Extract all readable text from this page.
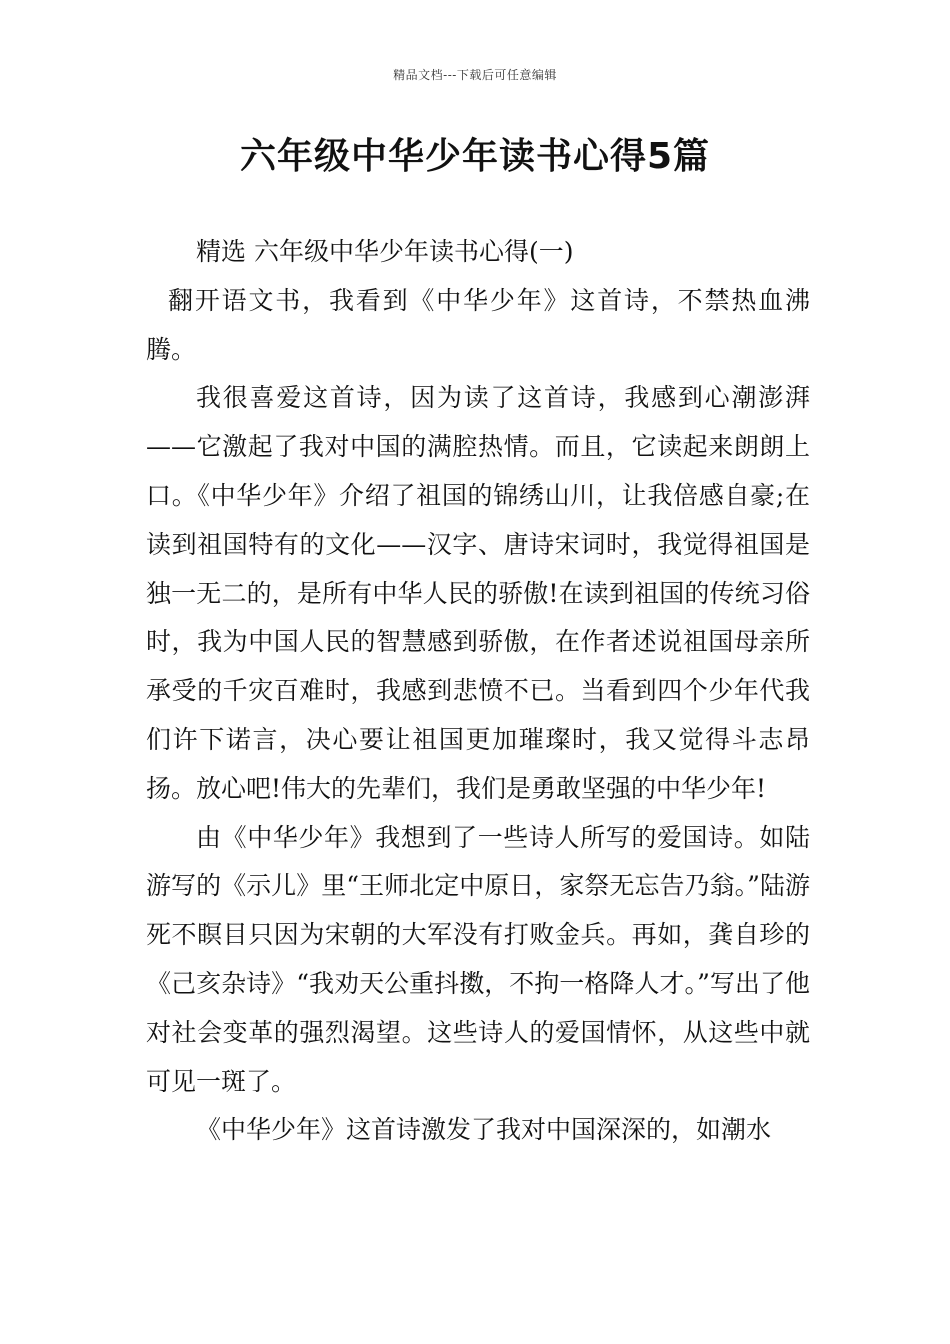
精品文档---下载后可任意编辑
六年级中华少年读书心得5篇

精选 六年级中华少年读书心得(一)

翻开语文书，我看到《中华少年》这首诗，不禁热血沸腾。

我很喜爱这首诗，因为读了这首诗，我感到心潮澎湃——它激起了我对中国的满腔热情。而且，它读起来朗朗上口。《中华少年》介绍了祖国的锦绣山川，让我倍感自豪;在读到祖国特有的文化——汉字、唐诗宋词时，我觉得祖国是独一无二的，是所有中华人民的骄傲!在读到祖国的传统习俗时，我为中国人民的智慧感到骄傲，在作者述说祖国母亲所承受的千灾百难时，我感到悲愤不已。当看到四个少年代我们许下诺言，决心要让祖国更加璀璨时，我又觉得斗志昂扬。放心吧!伟大的先辈们，我们是勇敢坚强的中华少年!

由《中华少年》我想到了一些诗人所写的爱国诗。如陆游写的《示儿》里“王师北定中原日，家祭无忘告乃翁。”陆游死不瞑目只因为宋朝的大军没有打败金兵。再如，龚自珍的《己亥杂诗》“我劝天公重抖擞，不拘一格降人才。”写出了他对社会变革的强烈渴望。这些诗人的爱国情怀，从这些中就可见一斑了。

《中华少年》这首诗激发了我对中国深深的，如潮水
